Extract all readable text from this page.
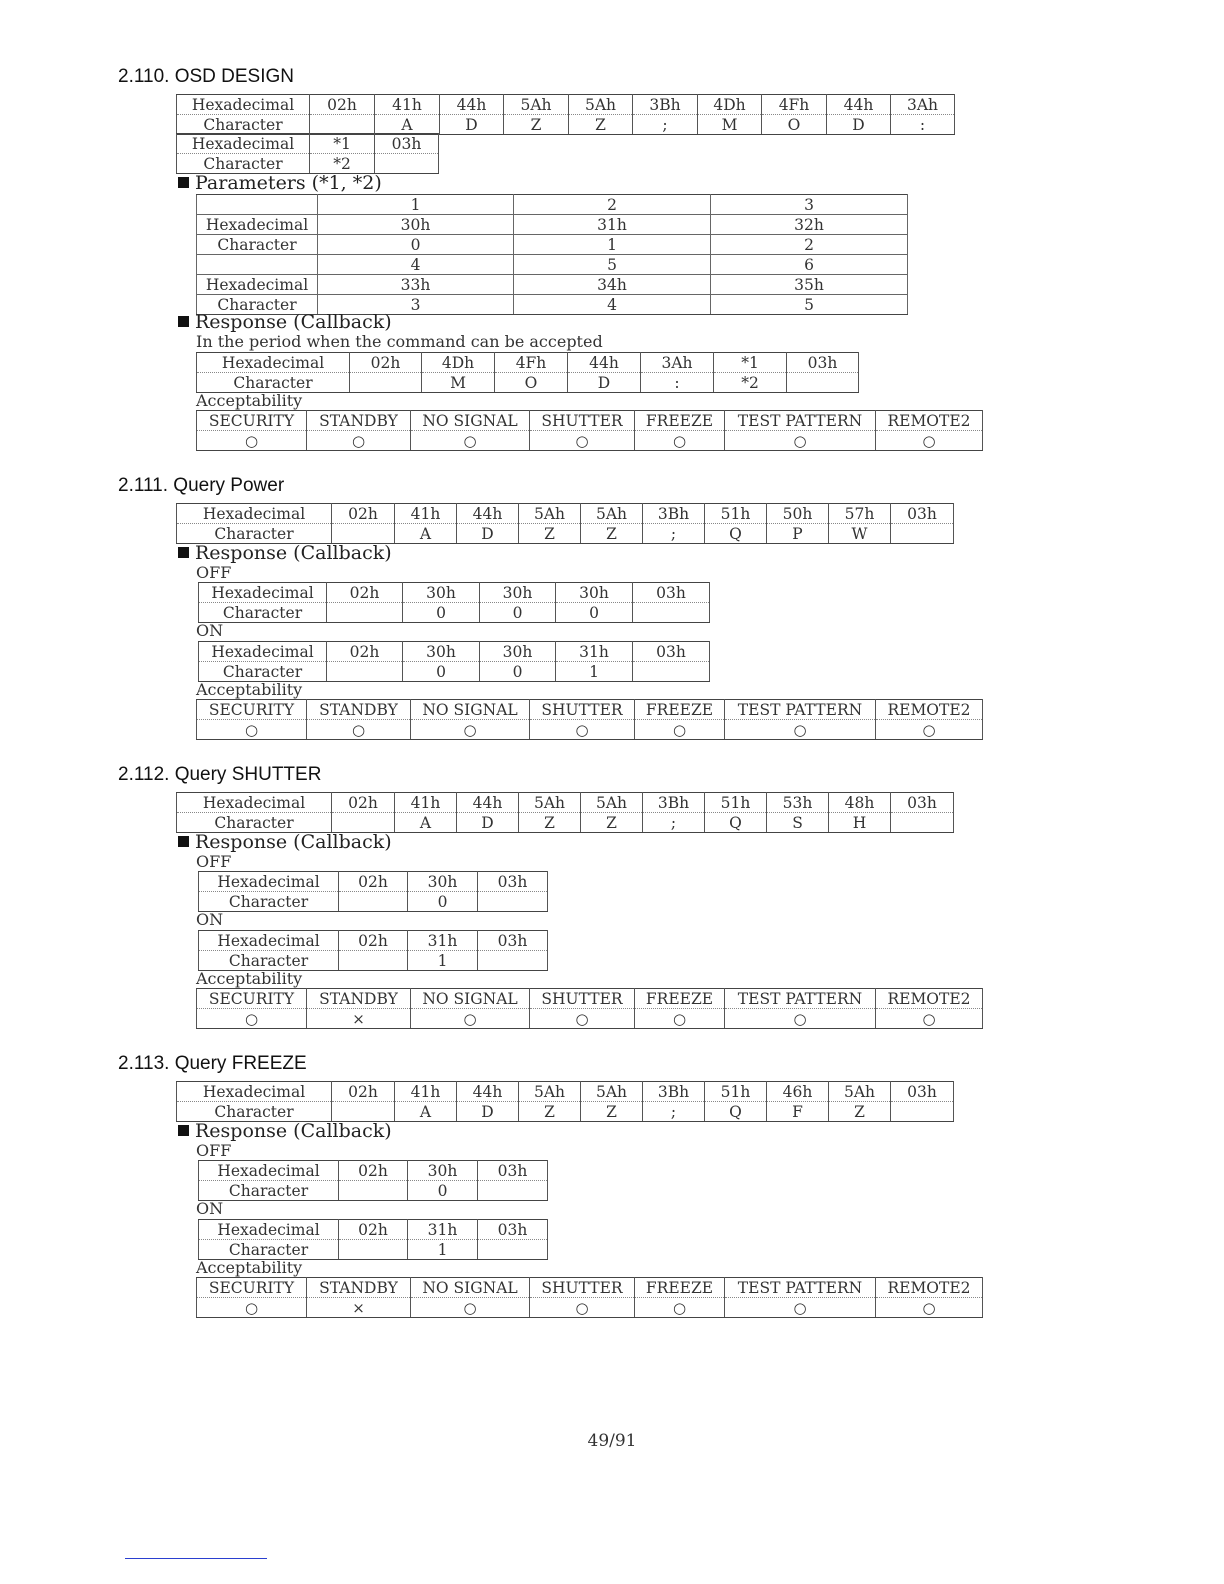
2.110. OSD DESIGN
Hexadecimal	02h	41h	44h	5Ah	5Ah	3Bh	4Dh	4Fh	44h	3Ah
Character		A	D	Z	Z	;	M	O	D	:
Hexadecimal	*1	03h
Character	*2	
Parameters (*1, *2)
	1	2	3
Hexadecimal	30h	31h	32h
Character	0	1	2
	4	5	6
Hexadecimal	33h	34h	35h
Character	3	4	5
Response (Callback)
In the period when the command can be accepted
Hexadecimal	02h	4Dh	4Fh	44h	3Ah	*1	03h
Character		M	O	D	:	*2	
Acceptability
SECURITY	STANDBY	NO SIGNAL	SHUTTER	FREEZE	TEST PATTERN	REMOTE2
○	○	○	○	○	○	○
2.111. Query Power
Hexadecimal	02h	41h	44h	5Ah	5Ah	3Bh	51h	50h	57h	03h
Character		A	D	Z	Z	;	Q	P	W	
Response (Callback)
OFF
Hexadecimal	02h	30h	30h	30h	03h
Character		0	0	0	
ON
Hexadecimal	02h	30h	30h	31h	03h
Character		0	0	1	
Acceptability
SECURITY	STANDBY	NO SIGNAL	SHUTTER	FREEZE	TEST PATTERN	REMOTE2
○	○	○	○	○	○	○
2.112. Query SHUTTER
Hexadecimal	02h	41h	44h	5Ah	5Ah	3Bh	51h	53h	48h	03h
Character		A	D	Z	Z	;	Q	S	H	
Response (Callback)
OFF
Hexadecimal	02h	30h	03h
Character		0	
ON
Hexadecimal	02h	31h	03h
Character		1	
Acceptability
SECURITY	STANDBY	NO SIGNAL	SHUTTER	FREEZE	TEST PATTERN	REMOTE2
○	×	○	○	○	○	○
2.113. Query FREEZE
Hexadecimal	02h	41h	44h	5Ah	5Ah	3Bh	51h	46h	5Ah	03h
Character		A	D	Z	Z	;	Q	F	Z	
Response (Callback)
OFF
Hexadecimal	02h	30h	03h
Character		0	
ON
Hexadecimal	02h	31h	03h
Character		1	
Acceptability
SECURITY	STANDBY	NO SIGNAL	SHUTTER	FREEZE	TEST PATTERN	REMOTE2
○	×	○	○	○	○	○
49/91
